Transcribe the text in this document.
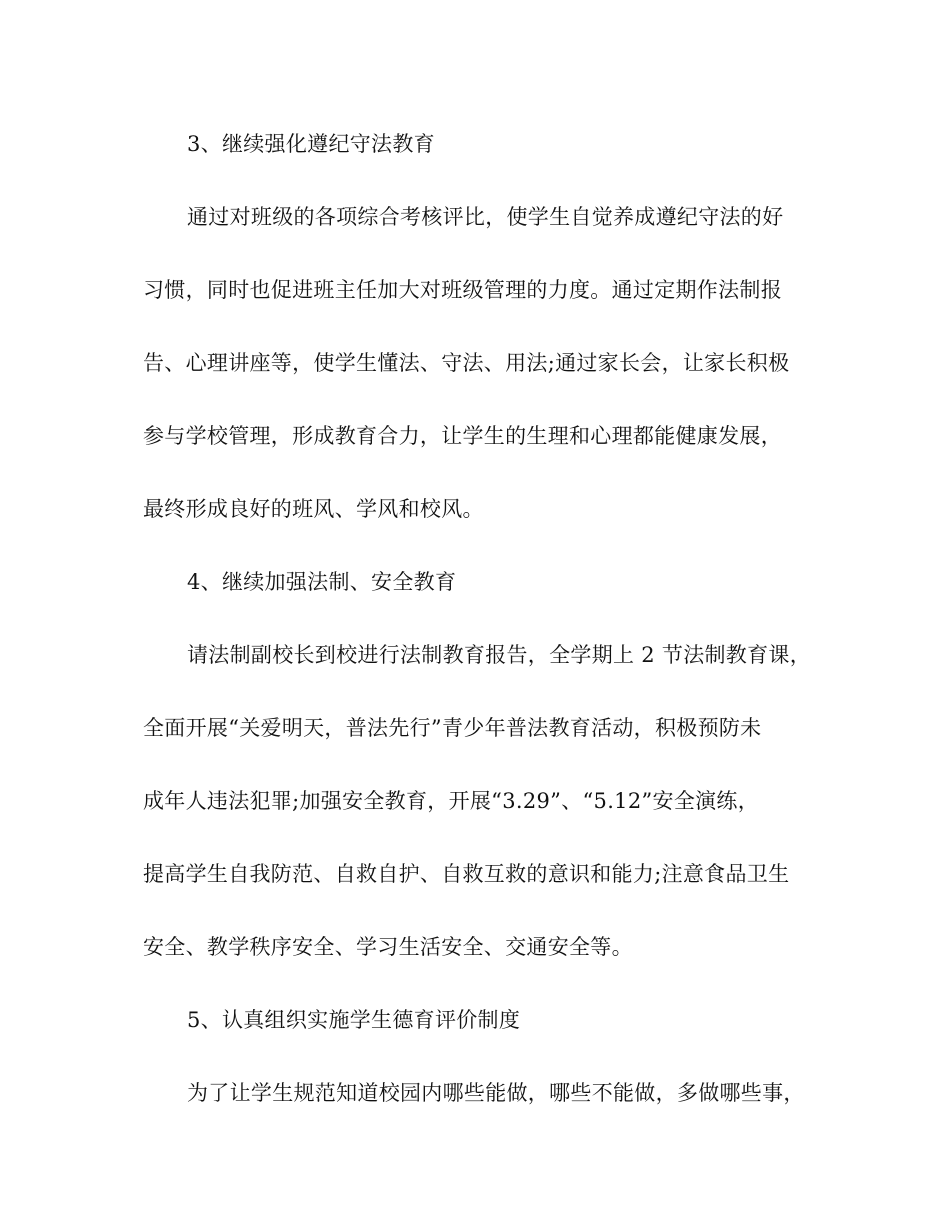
3、继续强化遵纪守法教育
通过对班级的各项综合考核评比，使学生自觉养成遵纪守法的好
习惯，同时也促进班主任加大对班级管理的力度。通过定期作法制报
告、心理讲座等，使学生懂法、守法、用法;通过家长会，让家长积极
参与学校管理，形成教育合力，让学生的生理和心理都能健康发展，
最终形成良好的班风、学风和校风。
4、继续加强法制、安全教育
请法制副校长到校进行法制教育报告，全学期上 2 节法制教育课，
全面开展“关爱明天，普法先行”青少年普法教育活动，积极预防未
成年人违法犯罪;加强安全教育，开展“3.29”、“5.12”安全演练，
提高学生自我防范、自救自护、自救互救的意识和能力;注意食品卫生
安全、教学秩序安全、学习生活安全、交通安全等。
5、认真组织实施学生德育评价制度
为了让学生规范知道校园内哪些能做，哪些不能做，多做哪些事，
